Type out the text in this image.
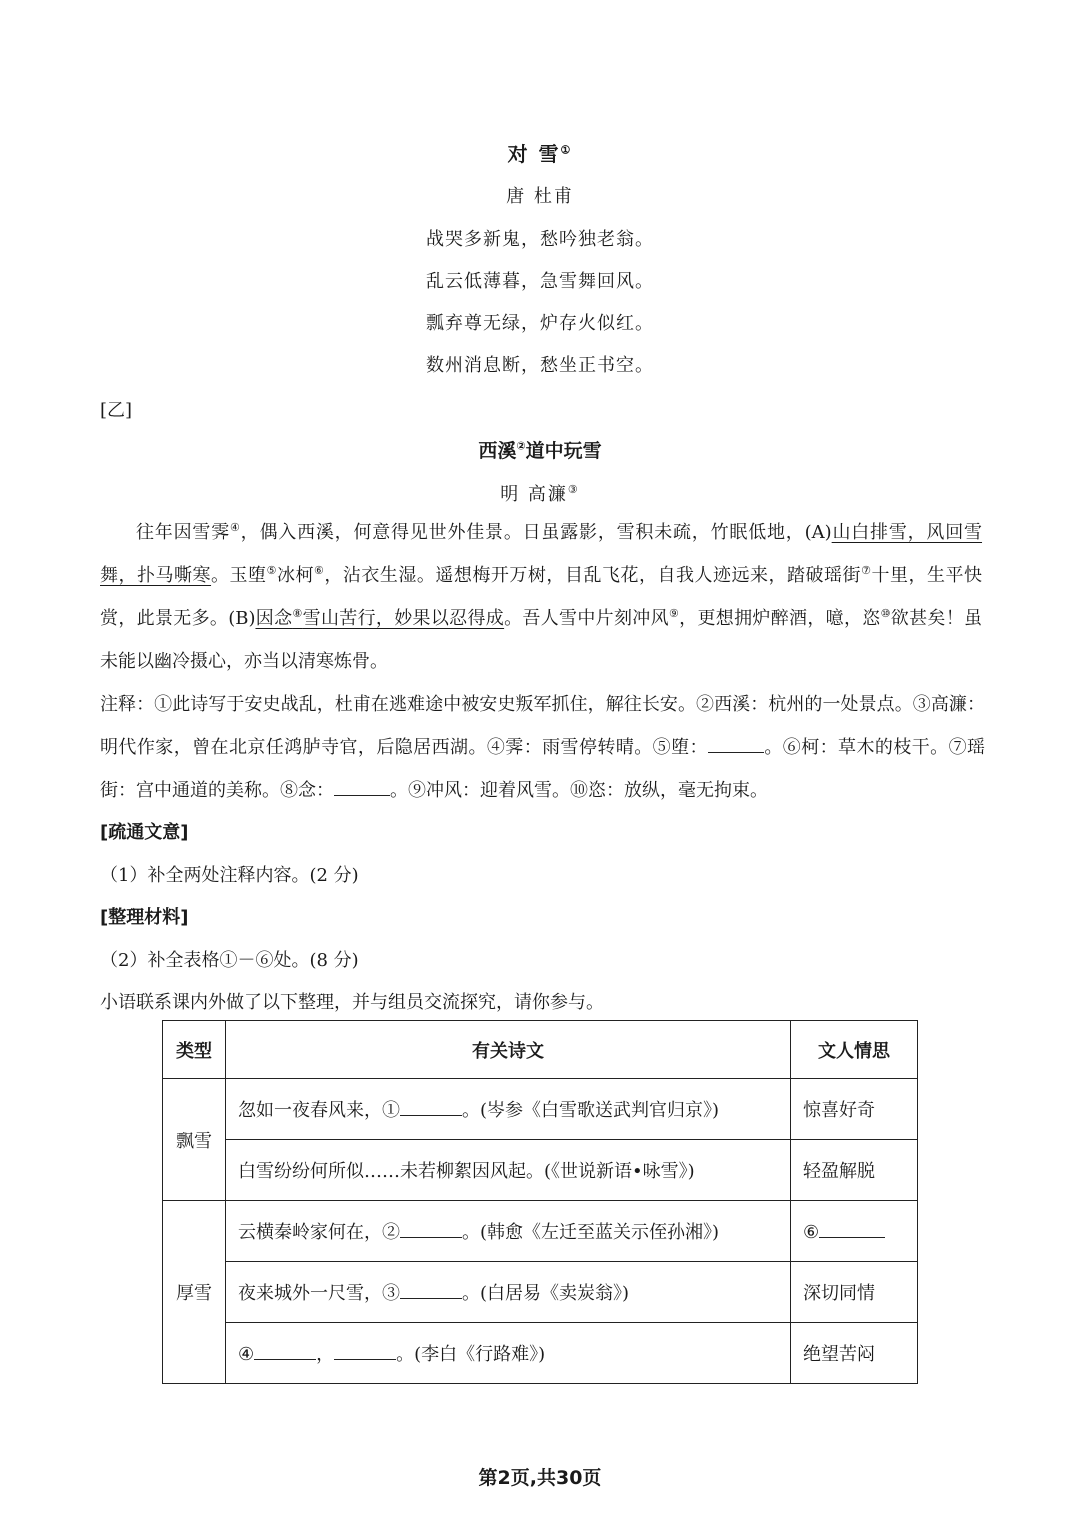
对 雪①
唐 杜甫
战哭多新鬼，愁吟独老翁。
乱云低薄暮，急雪舞回风。
瓢弃尊无绿，炉存火似红。
数州消息断，愁坐正书空。
[乙]
西溪②道中玩雪
明 高濂③

往年因雪霁④，偶入西溪，何意得见世外佳景。日虽露影，雪积未疏，竹眠低地，(A)山白排雪，风回雪舞，扑马嘶寒。玉堕⑤冰柯⑥，沾衣生湿。遥想梅开万树，目乱飞花，自我人迹远来，踏破瑶街⑦十里，生平快赏，此景无多。(B)因念⑧雪山苦行，妙果以忍得成。吾人雪中片刻冲风⑨，更想拥炉醉酒，噫，恣⑩欲甚矣！虽未能以幽冷摄心，亦当以清寒炼骨。

注释：①此诗写于安史战乱，杜甫在逃难途中被安史叛军抓住，解往长安。②西溪：杭州的一处景点。③高濂：明代作家，曾在北京任鸿胪寺官，后隐居西湖。④霁：雨雪停转晴。⑤堕：	。⑥柯：草木的枝干。⑦瑶街：宫中通道的美称。⑧念：	。⑨冲风：迎着风雪。⑩恣：放纵，毫无拘束。
[疏通文意]
（1）补全两处注释内容。(2 分)
[整理材料]
（2）补全表格①－⑥处。(8 分)
小语联系课内外做了以下整理，并与组员交流探究，请你参与。
类型	有关诗文	文人情思
飘雪	忽如一夜春风来，① 。(岑参《白雪歌送武判官归京》)	惊喜好奇
	白雪纷纷何所似……未若柳絮因风起。(《世说新语•咏雪》)	轻盈解脱
厚雪	云横秦岭家何在，② 。(韩愈《左迁至蓝关示侄孙湘》)	⑥
	夜来城外一尺雪，③ 。(白居易《卖炭翁》)	深切同情
	④ ， 。(李白《行路难》)	绝望苦闷
第2页,共30页
